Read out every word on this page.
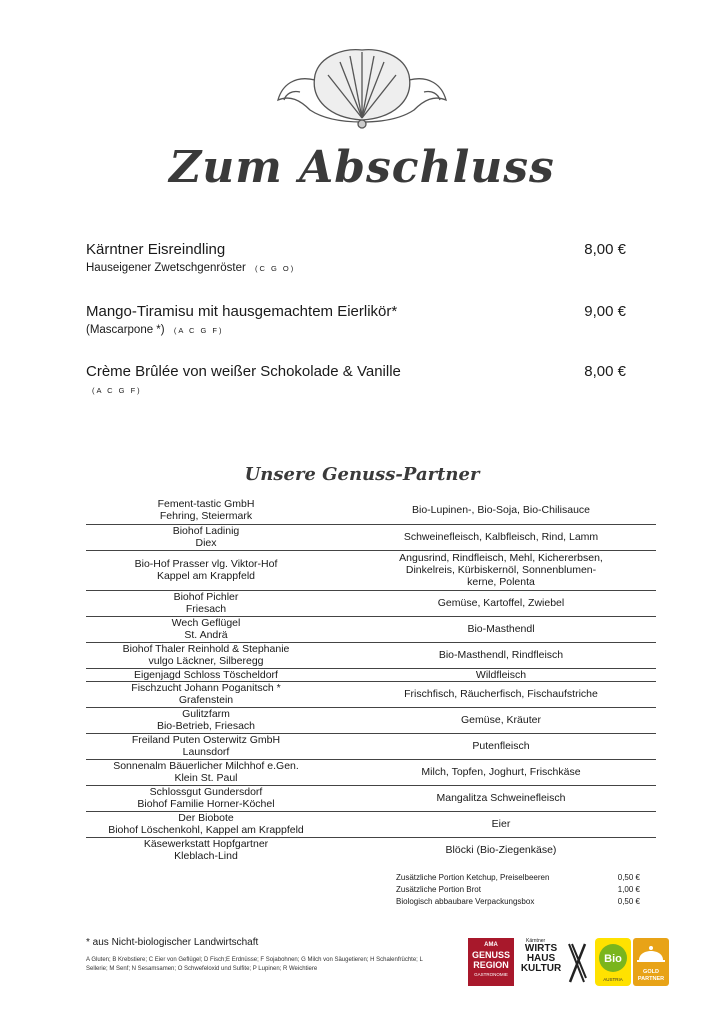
Zum Abschluss
Kärntner Eisreindling	8,00 €
Hauseigener Zwetschgenröster (C G O)
Mango-Tiramisu mit hausgemachtem Eierlikör*	9,00 €
(Mascarpone *) (A C G F)
Crème Brûlée von weißer Schokolade & Vanille	8,00 €
(A C G F)
Unsere Genuss-Partner
Fement-tastic GmbH
Fehring, Steiermark	Bio-Lupinen-, Bio-Soja, Bio-Chilisauce
Biohof Ladinig
Diex	Schweinefleisch, Kalbfleisch, Rind, Lamm
Bio-Hof Prasser vlg. Viktor-Hof
Kappel am Krappfeld	Angusrind, Rindfleisch, Mehl, Kichererbsen,
Dinkelreis, Kürbiskernöl, Sonnenblumen-
kerne, Polenta
Biohof Pichler
Friesach	Gemüse, Kartoffel, Zwiebel
Wech Geflügel
St. Andrä	Bio-Masthendl
Biohof Thaler Reinhold & Stephanie
vulgo Läckner, Silberegg	Bio-Masthendl, Rindfleisch
Eigenjagd Schloss Töscheldorf	Wildfleisch
Fischzucht Johann Poganitsch *
Grafenstein	Frischfisch, Räucherfisch, Fischaufstriche
Gulitzfarm
Bio-Betrieb, Friesach	Gemüse, Kräuter
Freiland Puten Osterwitz GmbH
Launsdorf	Putenfleisch
Sonnenalm Bäuerlicher Milchhof e.Gen.
Klein St. Paul	Milch, Topfen, Joghurt, Frischkäse
Schlossgut Gundersdorf
Biohof Familie Horner-Köchel	Mangalitza Schweinefleisch
Der Biobote
Biohof Löschenkohl, Kappel am Krappfeld	Eier
Käsewerkstatt Hopfgartner
Kleblach-Lind	Blöcki (Bio-Ziegenkäse)
Zusätzliche Portion Ketchup, Preiselbeeren	0,50 €
Zusätzliche Portion Brot	1,00 €
Biologisch abbaubare Verpackungsbox	0,50 €
* aus Nicht-biologischer Landwirtschaft
A Gluten; B Krebstiere; C Eier von Geflügel; D Fisch;E Erdnüsse; F Sojabohnen; G Milch von Säugetieren; H Schalenfrüchte; L Sellerie; M Senf; N Sesamsamen; O Schwefeloxid und Sulfite; P Lupinen; R Weichtiere
AMA
GENUSS
REGION
GASTRONOMIE
Kärntner
WIRTS
HAUS
KULTUR
Bio
AUSTRIA
GOLD
PARTNER
